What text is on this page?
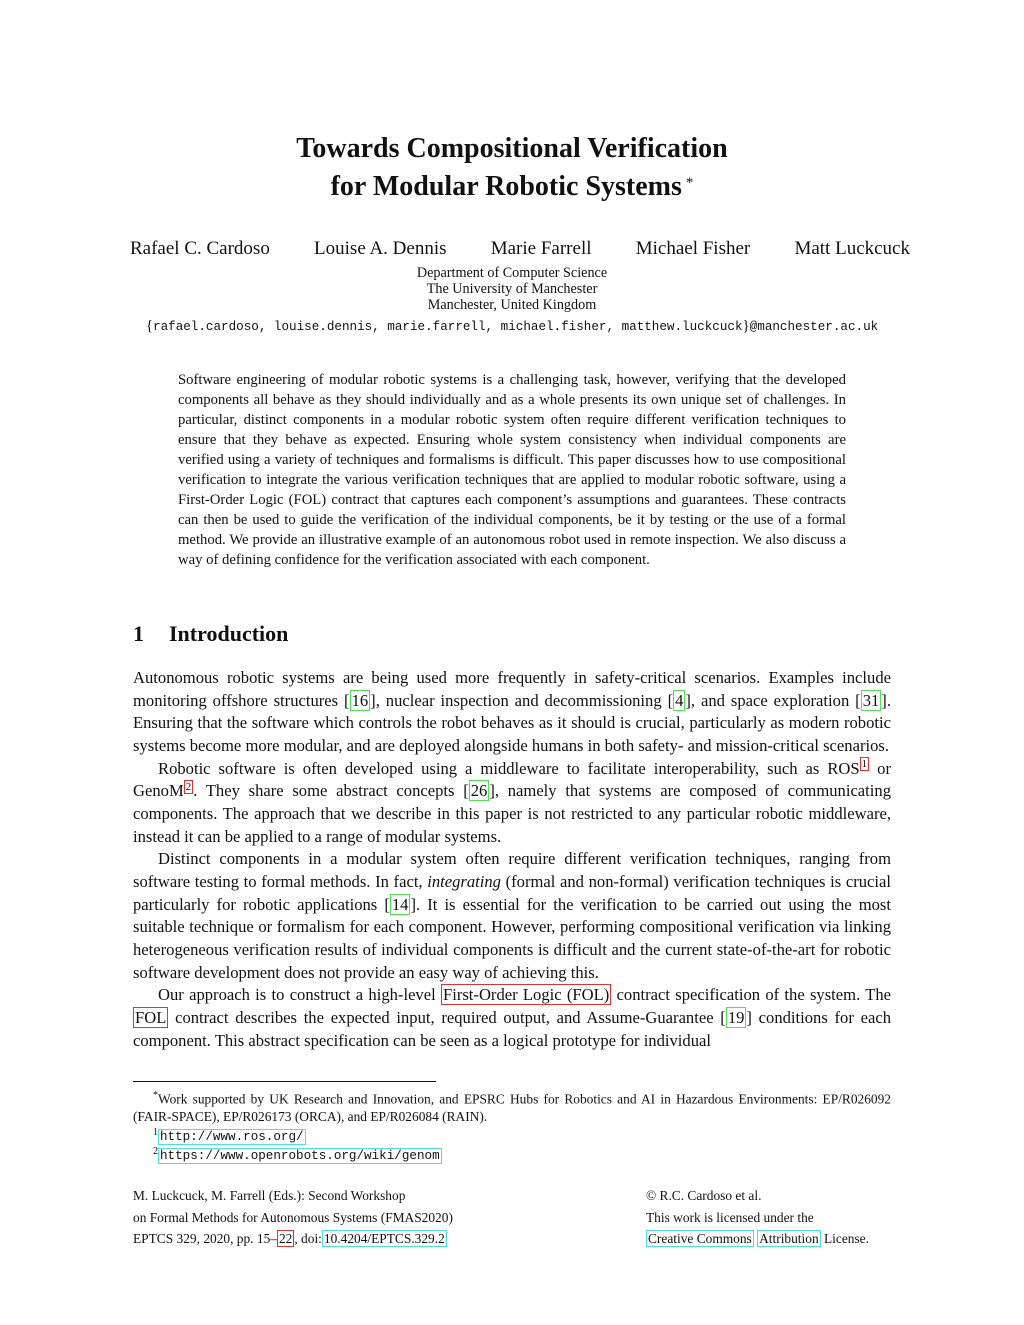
Towards Compositional Verification
for Modular Robotic Systems *
Rafael C. Cardoso Louise A. Dennis Marie Farrell Michael Fisher Matt Luckcuck
Department of Computer Science
The University of Manchester
Manchester, United Kingdom
{rafael.cardoso, louise.dennis, marie.farrell, michael.fisher, matthew.luckcuck}@manchester.ac.uk
Software engineering of modular robotic systems is a challenging task, however, verifying that the developed components all behave as they should individually and as a whole presents its own unique set of challenges. In particular, distinct components in a modular robotic system often require different verification techniques to ensure that they behave as expected. Ensuring whole system consistency when individual components are verified using a variety of techniques and formalisms is difficult. This paper discusses how to use compositional verification to integrate the various verification techniques that are applied to modular robotic software, using a First-Order Logic (FOL) contract that captures each component’s assumptions and guarantees. These contracts can then be used to guide the verification of the individual components, be it by testing or the use of a formal method. We provide an illustrative example of an autonomous robot used in remote inspection. We also discuss a way of defining confidence for the verification associated with each component.
1 Introduction

Autonomous robotic systems are being used more frequently in safety-critical scenarios. Examples include monitoring offshore structures [ 16 ], nuclear inspection and decommissioning [ 4 ], and space exploration [ 31 ]. Ensuring that the software which controls the robot behaves as it should is crucial, particularly as modern robotic systems become more modular, and are deployed alongside humans in both safety- and mission-critical scenarios.

Robotic software is often developed using a middleware to facilitate interoperability, such as ROS $^1$ or GenoM $^2$ . They share some abstract concepts [ 26 ], namely that systems are composed of communicating components. The approach that we describe in this paper is not restricted to any particular robotic middleware, instead it can be applied to a range of modular systems.

Distinct components in a modular system often require different verification techniques, ranging from software testing to formal methods. In fact, integrating (formal and non-formal) verification techniques is crucial particularly for robotic applications [ 14 ]. It is essential for the verification to be carried out using the most suitable technique or formalism for each component. However, performing compositional verification via linking heterogeneous verification results of individual components is difficult and the current state-of-the-art for robotic software development does not provide an easy way of achieving this.

Our approach is to construct a high-level First-Order Logic (FOL) contract specification of the system. The FOL contract describes the expected input, required output, and Assume-Guarantee [ 19 ] conditions for each component. This abstract specification can be seen as a logical prototype for individual

*Work supported by UK Research and Innovation, and EPSRC Hubs for Robotics and AI in Hazardous Environments: EP/R026092 (FAIR-SPACE), EP/R026173 (ORCA), and EP/R026084 (RAIN).
$^1$ http://www.ros.org/
$^2$ https://www.openrobots.org/wiki/genom
M. Luckcuck, M. Farrell (Eds.): Second Workshop
on Formal Methods for Autonomous Systems (FMAS2020)
EPTCS 329, 2020, pp. 15– 22 , doi: 10.4204/EPTCS.329.2
© R.C. Cardoso et al.
This work is licensed under the
Creative Commons Attribution License.
